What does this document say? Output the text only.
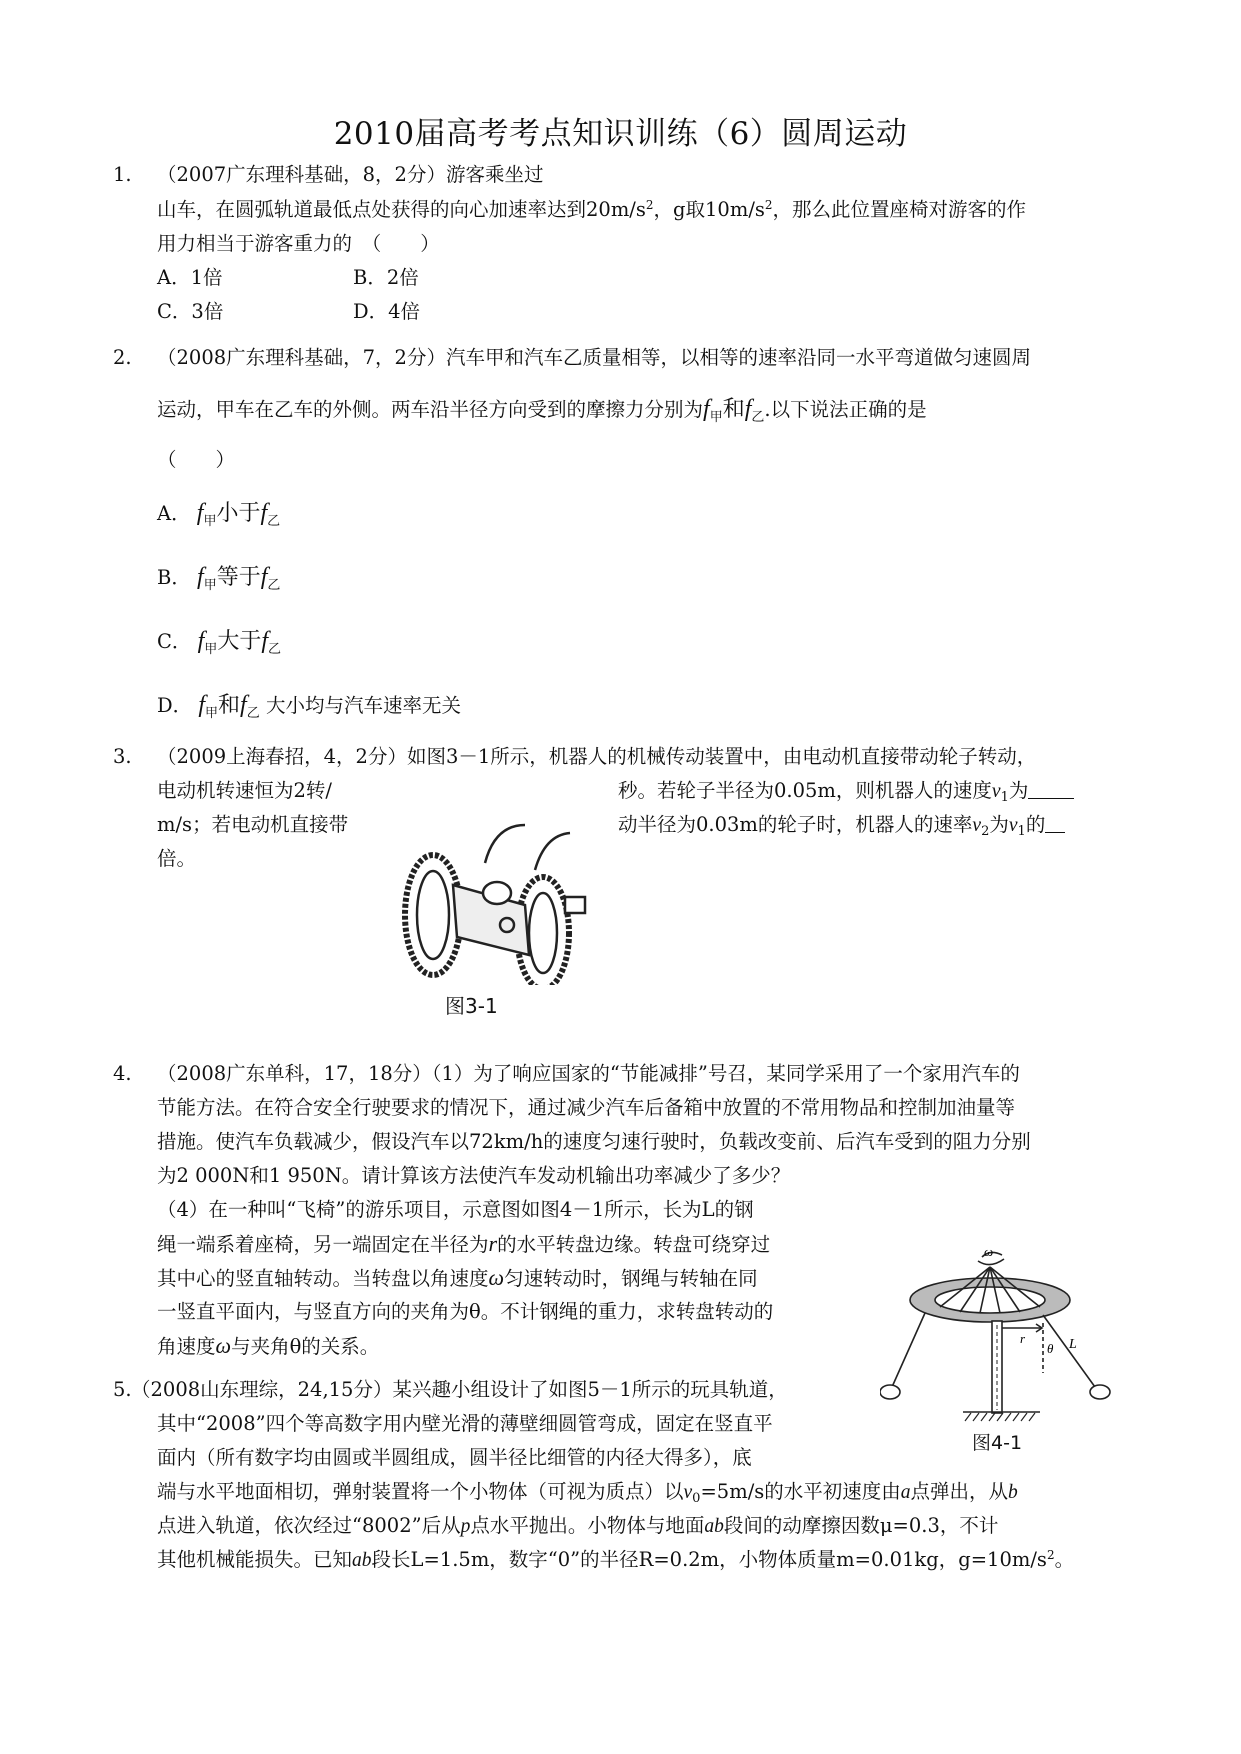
2010届高考考点知识训练（6）圆周运动
1. （2007广东理科基础，8，2分）游客乘坐过
山车，在圆弧轨道最低点处获得的向心加速率达到$20m/s^2$，g取$10m/s^2$，那么此位置座椅对游客的作
用力相当于游客重力的　（　　）
A．1倍	B．2倍
C．3倍	D．4倍
2. （2008广东理科基础，7，2分）汽车甲和汽车乙质量相等，以相等的速率沿同一水平弯道做匀速圆周
运动，甲车在乙车的外侧。两车沿半径方向受到的摩擦力分别为$f_甲$和$f_乙$.以下说法正确的是
（　　）
A． $f_甲$小于$f_乙$
B． $f_甲$等于$f_乙$
C． $f_甲$大于$f_乙$
D． $f_甲$和$f_乙$ 大小均与汽车速率无关
3. （2009上海春招，4，2分）如图3－1所示，机器人的机械传动装置中，由电动机直接带动轮子转动，
电动机转速恒为2转/	秒。若轮子半径为0.05m，则机器人的速度$v_1$为
m/s；若电动机直接带	动半径为0.03m的轮子时，机器人的速率$v_2$为$v_1$的
倍。
图3-1
4. （2008广东单科，17，18分）（1）为了响应国家的“节能减排”号召，某同学采用了一个家用汽车的
节能方法。在符合安全行驶要求的情况下，通过减少汽车后备箱中放置的不常用物品和控制加油量等
措施。使汽车负载减少，假设汽车以72km/h的速度匀速行驶时，负载改变前、后汽车受到的阻力分别
为2 000N和1 950N。请计算该方法使汽车发动机输出功率减少了多少？
（4）在一种叫“飞椅”的游乐项目，示意图如图4－1所示，长为L的钢
绳一端系着座椅，另一端固定在半径为r的水平转盘边缘。转盘可绕穿过
其中心的竖直轴转动。当转盘以角速度ω匀速转动时，钢绳与转轴在同
一竖直平面内，与竖直方向的夹角为θ。不计钢绳的重力，求转盘转动的
角速度ω与夹角θ的关系。
ω
r
θ L
图4-1
5. （2008山东理综，24,15分）某兴趣小组设计了如图5－1所示的玩具轨道，
其中“2008”四个等高数字用内壁光滑的薄壁细圆管弯成，固定在竖直平
面内（所有数字均由圆或半圆组成，圆半径比细管的内径大得多），底
端与水平地面相切，弹射装置将一个小物体（可视为质点）以$v_0=5m/s$的水平初速度由a点弹出，从b
点进入轨道，依次经过“8002”后从p点水平抛出。小物体与地面ab段间的动摩擦因数μ=0.3，不计
其他机械能损失。已知ab段长L=1.5m，数字“0”的半径R=0.2m，小物体质量m=0.01kg，$g=10m/s^2$。
